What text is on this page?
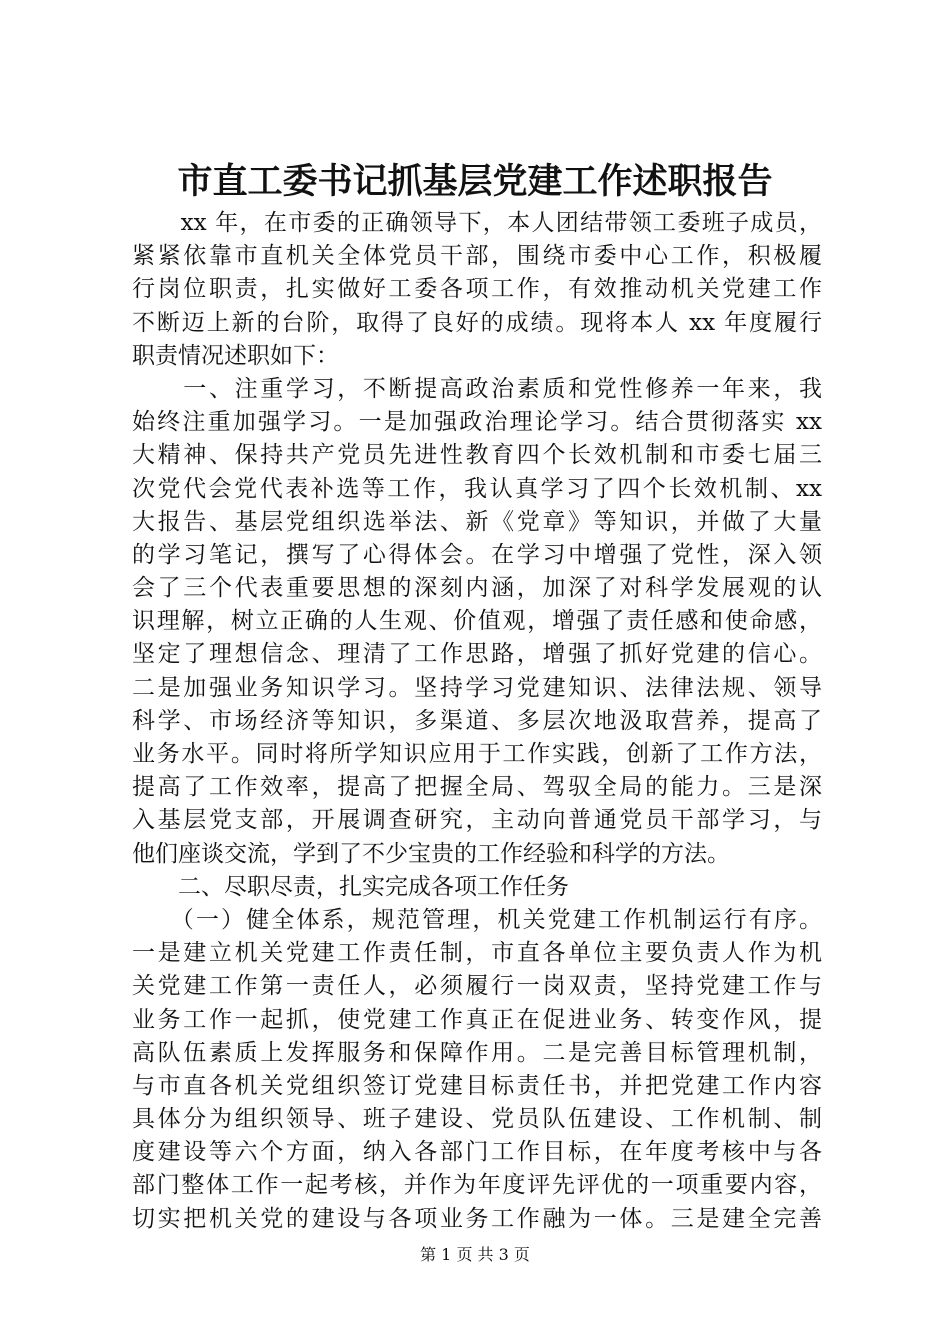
市直工委书记抓基层党建工作述职报告
　　xx 年，在市委的正确领导下，本人团结带领工委班子成员，
紧紧依靠市直机关全体党员干部，围绕市委中心工作，积极履
行岗位职责，扎实做好工委各项工作，有效推动机关党建工作
不断迈上新的台阶，取得了良好的成绩。现将本人 xx 年度履行
职责情况述职如下：
　　一、注重学习，不断提高政治素质和党性修养一年来，我
始终注重加强学习。一是加强政治理论学习。结合贯彻落实 xx
大精神、保持共产党员先进性教育四个长效机制和市委七届三
次党代会党代表补选等工作，我认真学习了四个长效机制、xx
大报告、基层党组织选举法、新《党章》等知识，并做了大量
的学习笔记，撰写了心得体会。在学习中增强了党性，深入领
会了三个代表重要思想的深刻内涵，加深了对科学发展观的认
识理解，树立正确的人生观、价值观，增强了责任感和使命感，
坚定了理想信念、理清了工作思路，增强了抓好党建的信心。
二是加强业务知识学习。坚持学习党建知识、法律法规、领导
科学、市场经济等知识，多渠道、多层次地汲取营养，提高了
业务水平。同时将所学知识应用于工作实践，创新了工作方法，
提高了工作效率，提高了把握全局、驾驭全局的能力。三是深
入基层党支部，开展调查研究，主动向普通党员干部学习，与
他们座谈交流，学到了不少宝贵的工作经验和科学的方法。
　　二、尽职尽责，扎实完成各项工作任务
　　（一）健全体系，规范管理，机关党建工作机制运行有序。
一是建立机关党建工作责任制，市直各单位主要负责人作为机
关党建工作第一责任人，必须履行一岗双责，坚持党建工作与
业务工作一起抓，使党建工作真正在促进业务、转变作风，提
高队伍素质上发挥服务和保障作用。二是完善目标管理机制，
与市直各机关党组织签订党建目标责任书，并把党建工作内容
具体分为组织领导、班子建设、党员队伍建设、工作机制、制
度建设等六个方面，纳入各部门工作目标，在年度考核中与各
部门整体工作一起考核，并作为年度评先评优的一项重要内容，
切实把机关党的建设与各项业务工作融为一体。三是建全完善
第 1 页 共 3 页
